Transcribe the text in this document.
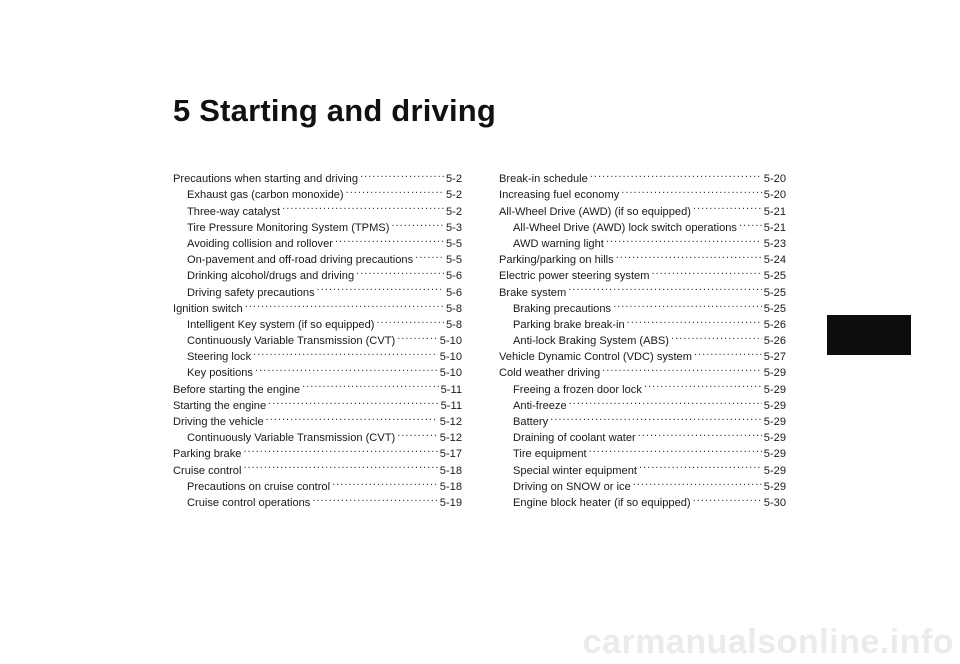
5 Starting and driving
Precautions when starting and driving .....	5-2
Exhaust gas (carbon monoxide) .....	5-2
Three-way catalyst .....	5-2
Tire Pressure Monitoring System (TPMS) .....	5-3
Avoiding collision and rollover .....	5-5
On-pavement and off-road driving precautions .....	5-5
Drinking alcohol/drugs and driving .....	5-6
Driving safety precautions .....	5-6
Ignition switch .....	5-8
Intelligent Key system (if so equipped) .....	5-8
Continuously Variable Transmission (CVT) .....	5-10
Steering lock .....	5-10
Key positions .....	5-10
Before starting the engine .....	5-11
Starting the engine .....	5-11
Driving the vehicle .....	5-12
Continuously Variable Transmission (CVT) .....	5-12
Parking brake .....	5-17
Cruise control .....	5-18
Precautions on cruise control .....	5-18
Cruise control operations .....	5-19
Break-in schedule .....	5-20
Increasing fuel economy .....	5-20
All-Wheel Drive (AWD) (if so equipped) .....	5-21
All-Wheel Drive (AWD) lock switch operations ..... 5-21
AWD warning light .....	5-23
Parking/parking on hills .....	5-24
Electric power steering system .....	5-25
Brake system .....	5-25
Braking precautions .....	5-25
Parking brake break-in .....	5-26
Anti-lock Braking System (ABS) .....	5-26
Vehicle Dynamic Control (VDC) system .....	5-27
Cold weather driving .....	5-29
Freeing a frozen door lock .....	5-29
Anti-freeze .....	5-29
Battery .....	5-29
Draining of coolant water .....	5-29
Tire equipment .....	5-29
Special winter equipment .....	5-29
Driving on SNOW or ice .....	5-29
Engine block heater (if so equipped) .....	5-30

carmanualsonline.info
